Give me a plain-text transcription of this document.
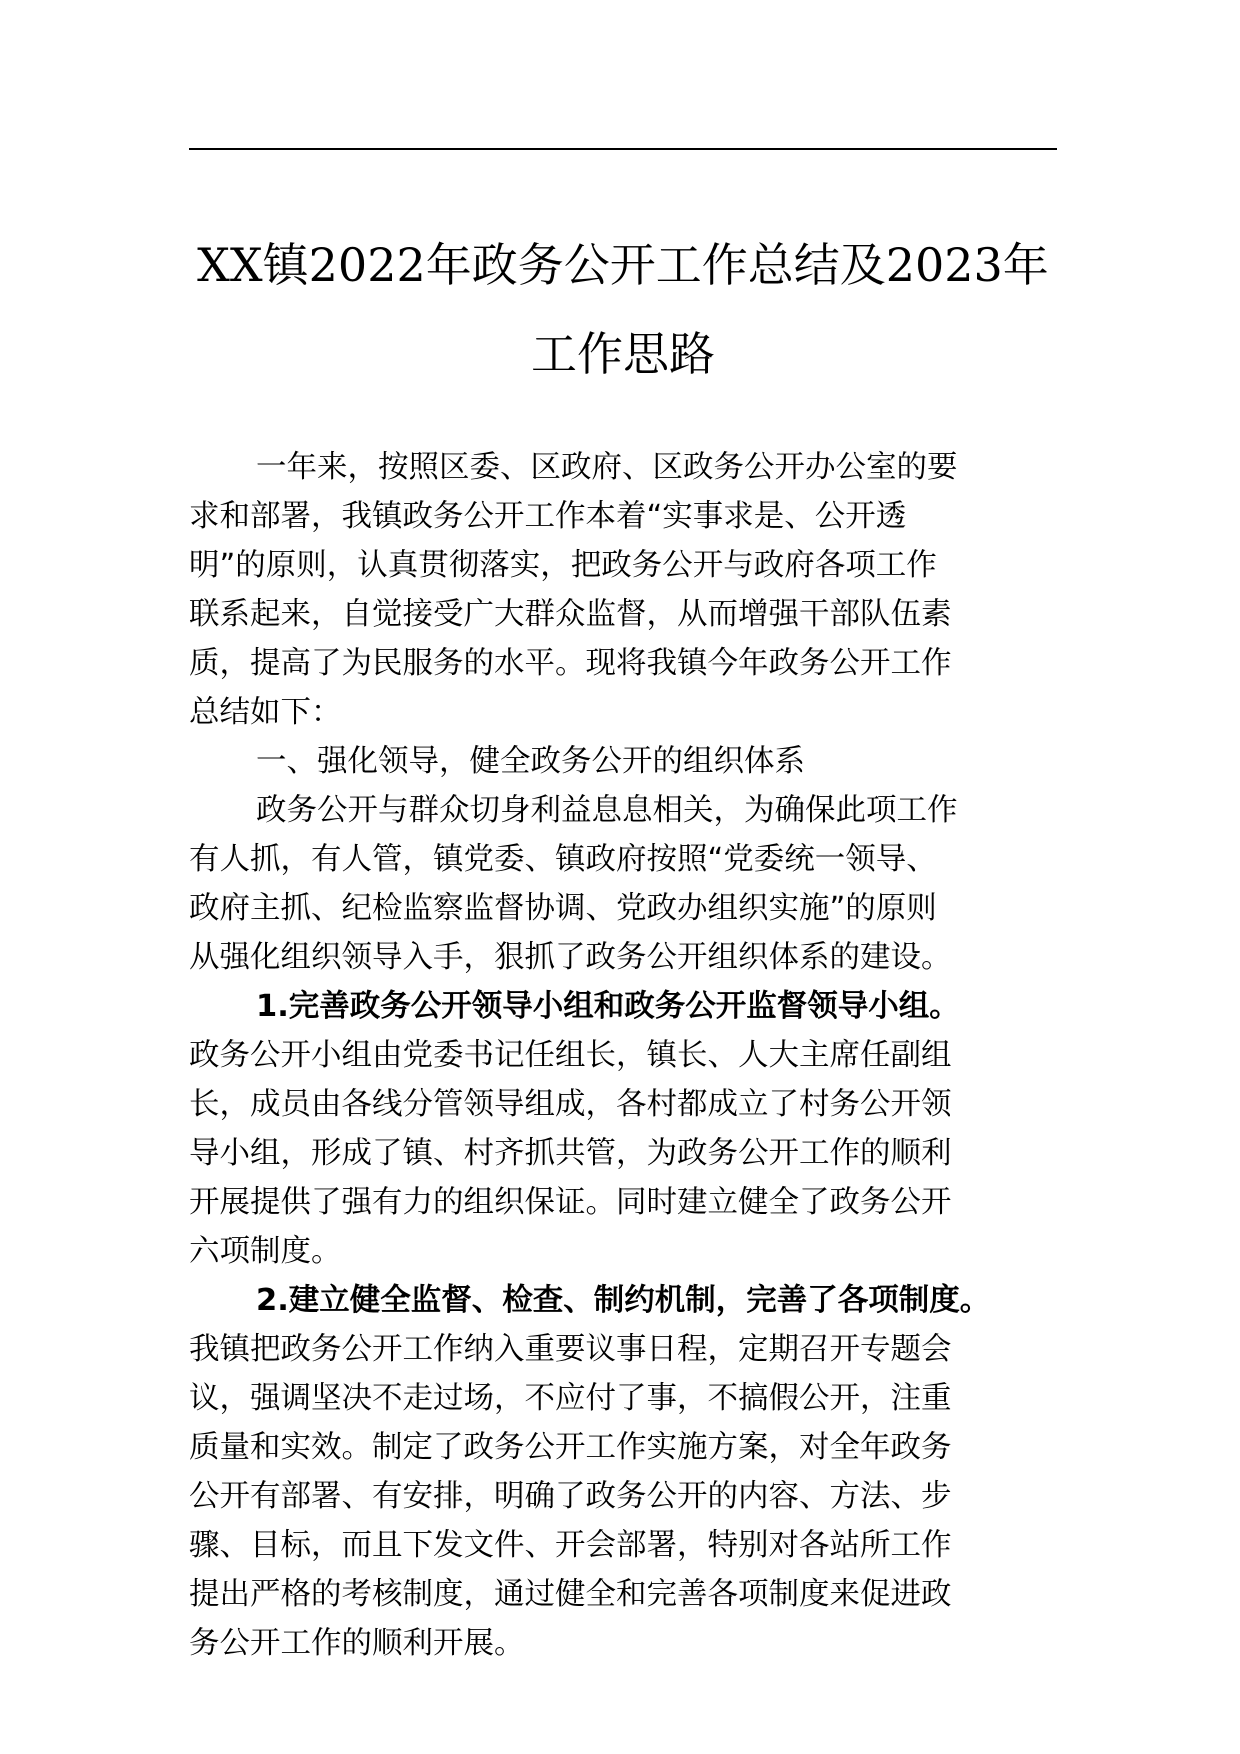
XX镇2022年政务公开工作总结及2023年
工作思路
一年来，按照区委、区政府、区政务公开办公室的要
求和部署，我镇政务公开工作本着“实事求是、公开透
明”的原则，认真贯彻落实，把政务公开与政府各项工作
联系起来，自觉接受广大群众监督，从而增强干部队伍素
质，提高了为民服务的水平。现将我镇今年政务公开工作
总结如下：
一、强化领导，健全政务公开的组织体系
政务公开与群众切身利益息息相关，为确保此项工作
有人抓，有人管，镇党委、镇政府按照“党委统一领导、
政府主抓、纪检监察监督协调、党政办组织实施”的原则
从强化组织领导入手，狠抓了政务公开组织体系的建设。
1.完善政务公开领导小组和政务公开监督领导小组。
政务公开小组由党委书记任组长，镇长、人大主席任副组
长，成员由各线分管领导组成，各村都成立了村务公开领
导小组，形成了镇、村齐抓共管，为政务公开工作的顺利
开展提供了强有力的组织保证。同时建立健全了政务公开
六项制度。
2.建立健全监督、检查、制约机制，完善了各项制度。
我镇把政务公开工作纳入重要议事日程，定期召开专题会
议，强调坚决不走过场，不应付了事，不搞假公开，注重
质量和实效。制定了政务公开工作实施方案，对全年政务
公开有部署、有安排，明确了政务公开的内容、方法、步
骤、目标，而且下发文件、开会部署，特别对各站所工作
提出严格的考核制度，通过健全和完善各项制度来促进政
务公开工作的顺利开展。
